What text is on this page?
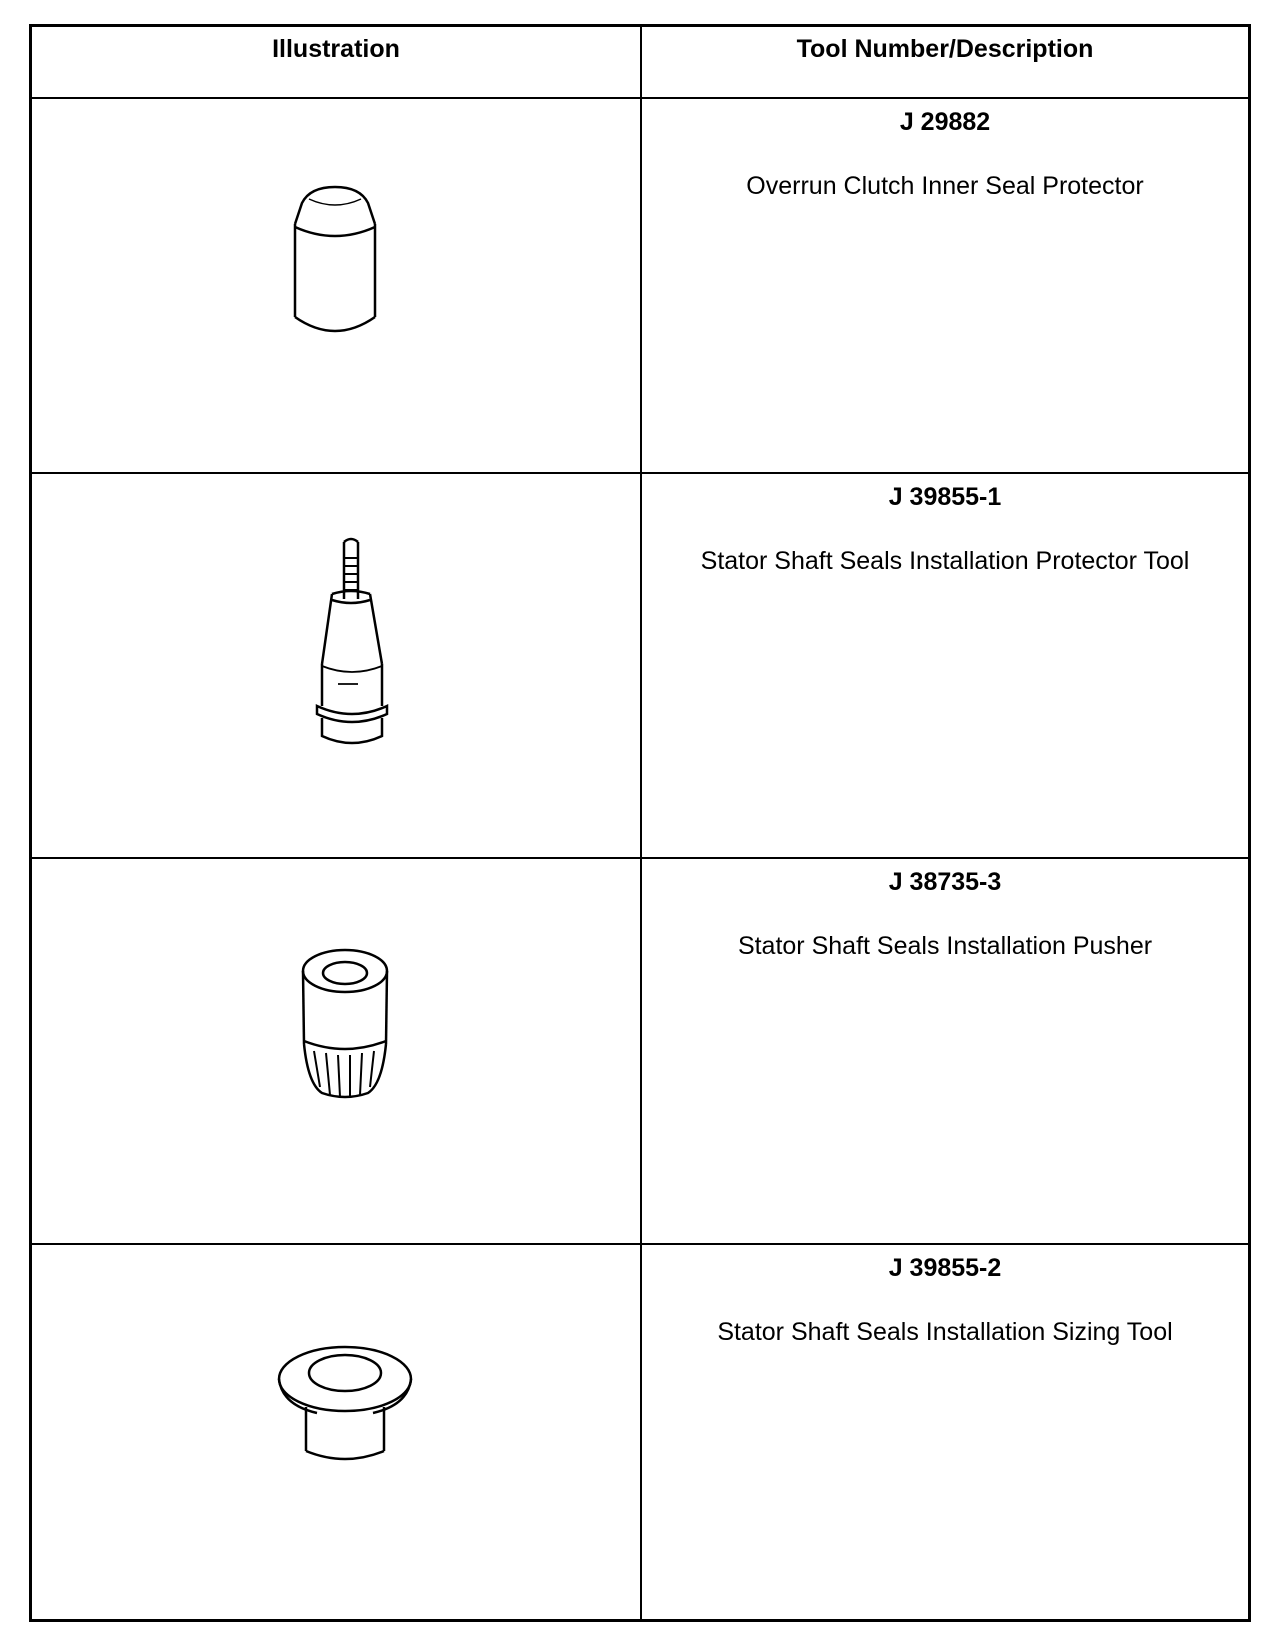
Illustration	Tool Number/Description
J 29882
Overrun Clutch Inner Seal Protector
J 39855-1
Stator Shaft Seals Installation Protector Tool
J 38735-3
Stator Shaft Seals Installation Pusher
J 39855-2
Stator Shaft Seals Installation Sizing Tool
